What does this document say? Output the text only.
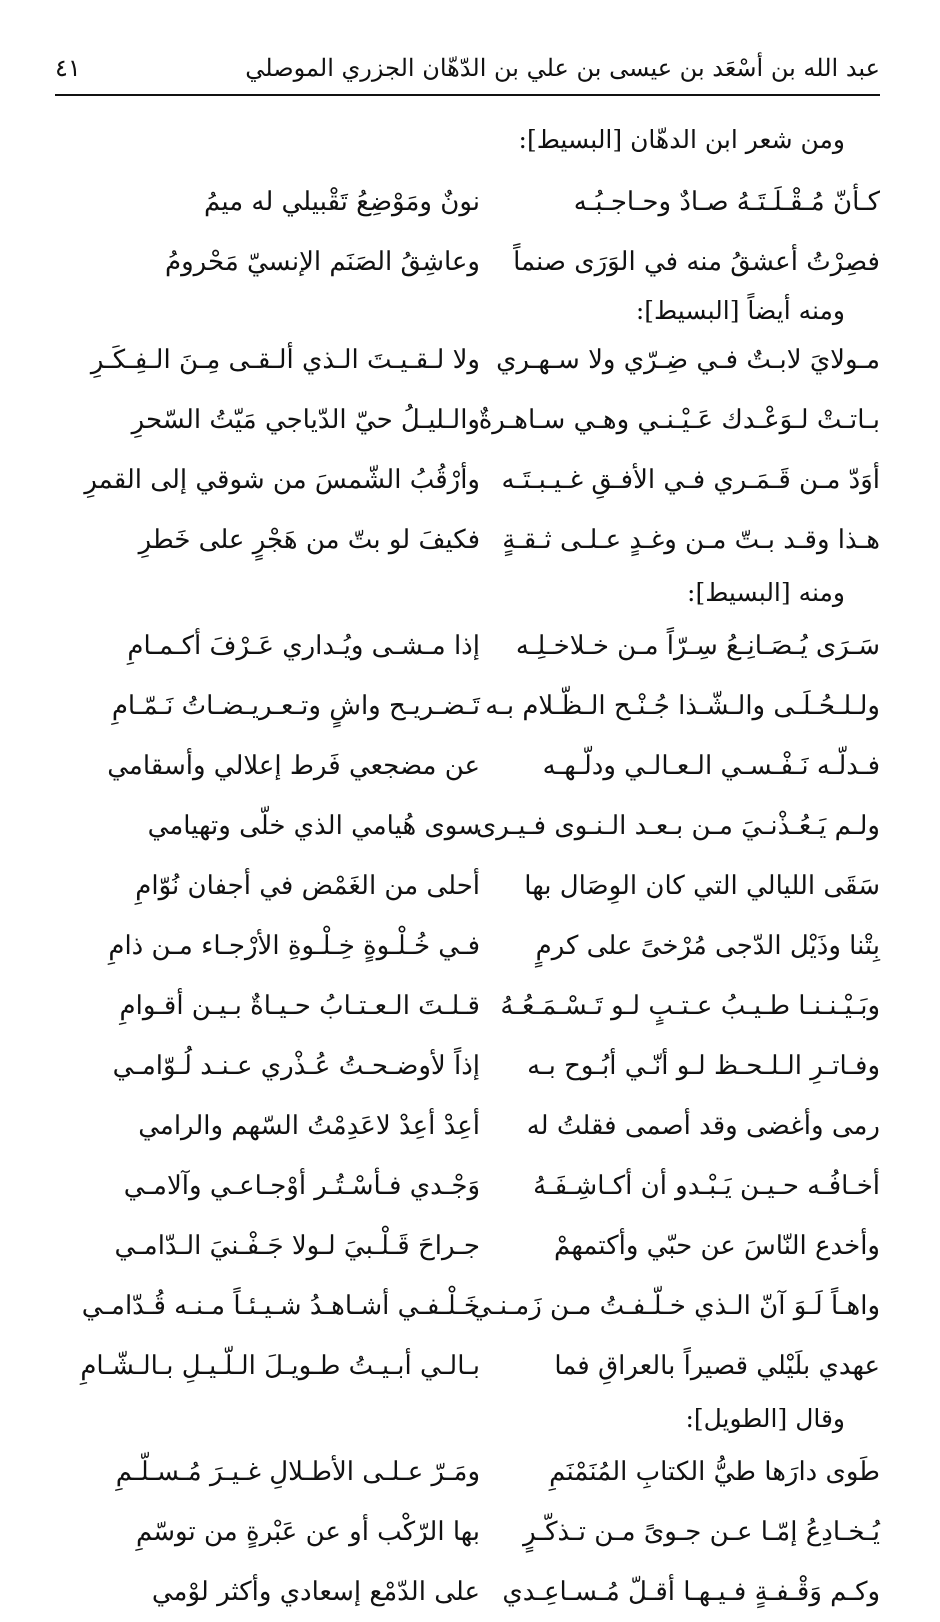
عبد الله بن أسْعَد بن عيسى بن علي بن الدّهّان الجزري الموصلي
٤١
ومن شعر ابن الدهّان [البسيط]:
كـأنّ مُـقْـلَـتَـهُ صـادٌ وحـاجـبُـه
نونٌ ومَوْضِعُ تَقْبيلي له ميمُ
فصِرْتُ أعشقُ منه في الوَرَى صنماً
وعاشِقُ الصَنَم الإنسيّ مَحْرومُ
ومنه أيضاً [البسيط]:
مـولايَ لابـتٌ فـي ضِـرّي ولا سـهـري
ولا لـقـيـتَ الـذي ألـقـى مِـنَ الـفِـكَـرِ
بـاتـتْ لـوَعْـدك عَـيْـنـي وهـي سـاهـرةٌ
والـليـلُ حيّ الدّياجي مَيّتُ السّحرِ
أوَدّ مـن قَـمَـري فـي الأفـقِ غـيـبـتَـه
وأرْقُبُ الشّمسَ من شوقي إلى القمرِ
هـذا وقـد بـتّ مـن وغـدٍ عـلـى ثـقـةٍ
فكيفَ لو بتّ من هَجْرٍ على خَطرِ
ومنه [البسيط]:
سَـرَى يُـصَـانِـعُ سِـرّاً مـن خـلاخـلِـه
إذا مـشـى ويُـداري عَـرْفَ أكـمـامِ
ولـلـحُـلَـى والـشّـذا جُـنْـح الـظّـلام بـه
تَـضـريـح واشٍ وتـعـريـضـاتُ نَـمّـامِ
فـدلّـه نَـفْـسـي الـعـالـي ودلّـهـه
عن مضجعي فَرط إعلالي وأسقامي
ولـم يَـعُـذْنـيَ مـن بـعـد الـنـوى فـيـرى
سوى هُيامي الذي خلّى وتهيامي
سَقَى الليالي التي كان الوِصَال بها
أحلى من الغَمْض في أجفان نُوّامِ
بِتْنا وذَيْل الدّجى مُرْخىً على كرمٍ
فـي خُـلْـوةٍ خِـلْـوةِ الأرْجـاء مـن ذامِ
وبَـيْـنـنـا طـيـبُ عـتـبٍ لـو تَـسْـمَـعُـهُ
قـلـتَ الـعـتـابُ حـيـاةٌ بـيـن أقـوامِ
وفـاتـرِ الـلـحـظ لـو أنّـي أبُـوح بـه
إذاً لأوضـحـتُ عُـذْري عـنـد لُـوّامـي
رمى وأغضى وقد أصمى فقلتُ له
أعِدْ أعِدْ لاعَدِمْتُ السّهم والرامي
أخـافُـه حـيـن يَـبْـدو أن أكـاشِـفَـهُ
وَجْـدي فـأسْـتُـر أوْجـاعـي وآلامـي
وأخدع النّاسَ عن حبّي وأكتمهمْ
جـراحَ قَـلْـبيَ لـولا جَـفْـنيَ الـدّامـي
واهـاً لَـوَ آنّ الـذي خـلّـفـتُ مـن زَمـنـي
خَـلْـفـي أشـاهـدُ شـيـئـاً مـنـه قُـدّامـي
عهدي بلَيْلي قصيراً بالعراقِ فما
بـالـي أبـيـتُ طـويـلَ الـلّـيـلِ بـالـشّـامِ
وقال [الطويل]:
طَوى دارَها طيُّ الكتابِ المُنَمْنَمِ
ومَـرّ عـلـى الأطـلالِ غـيـرَ مُـسـلّـمِ
يُـخـادِعُ إمّـا عـن جـوىً مـن تـذكّـرٍ
بها الرّكْب أو عن عَبْرةٍ من توسّمِ
وكـم وَقْـفـةٍ فـيـهـا أقـلّ مُـسـاعِـدي
على الدّمْع إسعادي وأكثر لوْمي
